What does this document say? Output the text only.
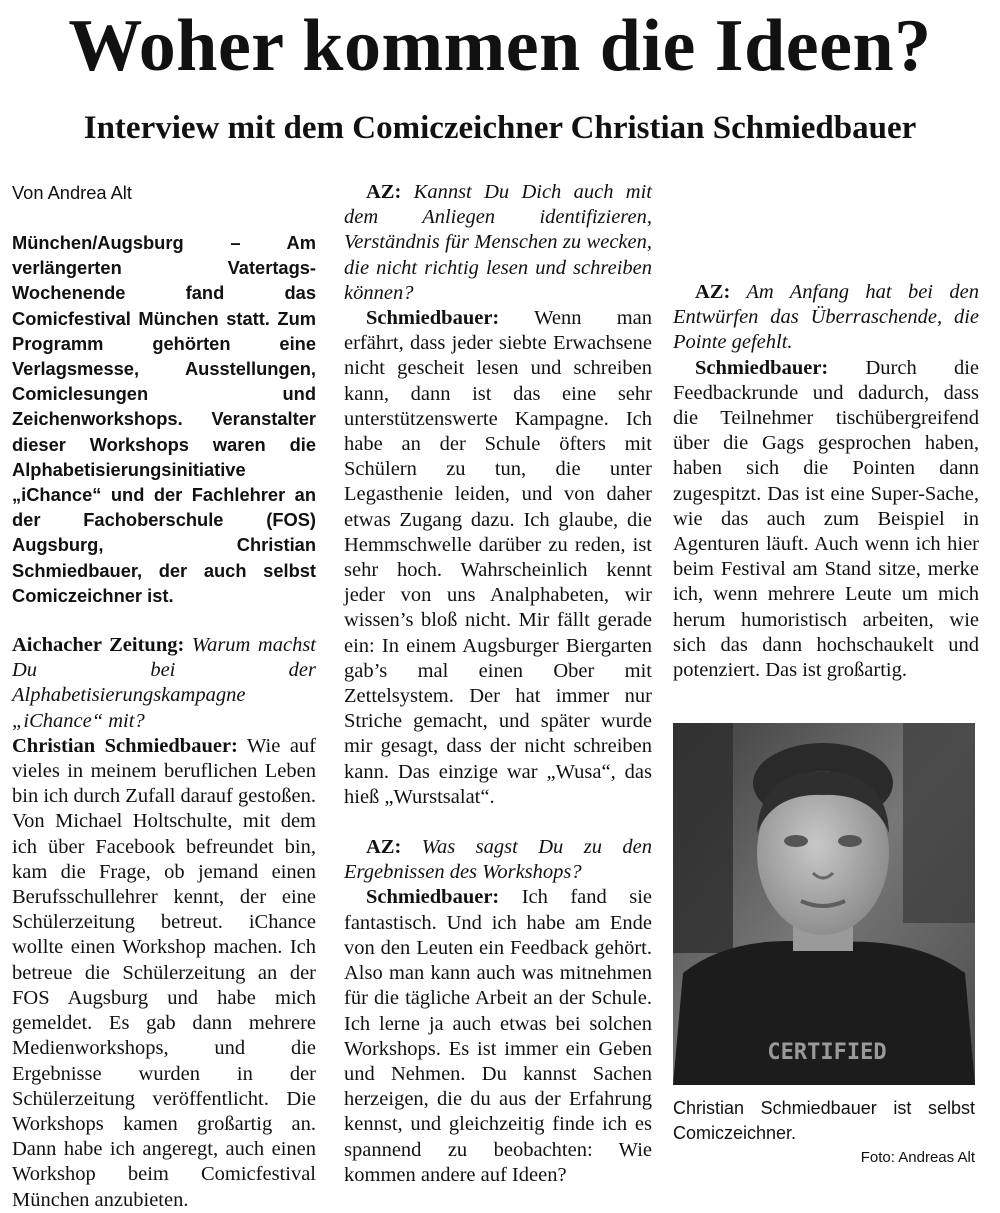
Woher kommen die Ideen?
Interview mit dem Comiczeichner Christian Schmiedbauer
Von Andrea Alt

München/Augsburg – Am verlängerten Vatertags-Wochenende fand das Comicfestival München statt. Zum Programm gehörten eine Verlagsmesse, Ausstellungen, Comiclesungen und Zeichenworkshops. Veranstalter dieser Workshops waren die Alphabetisierungsinitiative „iChance“ und der Fachlehrer an der Fachoberschule (FOS) Augsburg, Christian Schmiedbauer, der auch selbst Comiczeichner ist.

Aichacher Zeitung: Warum machst Du bei der Alphabetisierungskampagne „iChance“ mit?

Christian Schmiedbauer: Wie auf vieles in meinem beruflichen Leben bin ich durch Zufall darauf gestoßen. Von Michael Holtschulte, mit dem ich über Facebook befreundet bin, kam die Frage, ob jemand einen Berufsschullehrer kennt, der eine Schülerzeitung betreut. iChance wollte einen Workshop machen. Ich betreue die Schülerzeitung an der FOS Augsburg und habe mich gemeldet. Es gab dann mehrere Medienworkshops, und die Ergebnisse wurden in der Schülerzeitung veröffentlicht. Die Workshops kamen großartig an. Dann habe ich angeregt, auch einen Workshop beim Comicfestival München anzubieten.

AZ: Kannst Du Dich auch mit dem Anliegen identifizieren, Verständnis für Menschen zu wecken, die nicht richtig lesen und schreiben können?

Schmiedbauer: Wenn man erfährt, dass jeder siebte Erwachsene nicht gescheit lesen und schreiben kann, dann ist das eine sehr unterstützenswerte Kampagne. Ich habe an der Schule öfters mit Schülern zu tun, die unter Legasthenie leiden, und von daher etwas Zugang dazu. Ich glaube, die Hemmschwelle darüber zu reden, ist sehr hoch. Wahrscheinlich kennt jeder von uns Analphabeten, wir wissen’s bloß nicht. Mir fällt gerade ein: In einem Augsburger Biergarten gab’s mal einen Ober mit Zettelsystem. Der hat immer nur Striche gemacht, und später wurde mir gesagt, dass der nicht schreiben kann. Das einzige war „Wusa“, das hieß „Wurstsalat“.

AZ: Was sagst Du zu den Ergebnissen des Workshops?

Schmiedbauer: Ich fand sie fantastisch. Und ich habe am Ende von den Leuten ein Feedback gehört. Also man kann auch was mitnehmen für die tägliche Arbeit an der Schule. Ich lerne ja auch etwas bei solchen Workshops. Es ist immer ein Geben und Nehmen. Du kannst Sachen herzeigen, die du aus der Erfahrung kennst, und gleichzeitig finde ich es spannend zu beobachten: Wie kommen andere auf Ideen?

AZ: Am Anfang hat bei den Entwürfen das Überraschende, die Pointe gefehlt.

Schmiedbauer: Durch die Feedbackrunde und dadurch, dass die Teilnehmer tischübergreifend über die Gags gesprochen haben, haben sich die Pointen dann zugespitzt. Das ist eine Super-Sache, wie das auch zum Beispiel in Agenturen läuft. Auch wenn ich hier beim Festival am Stand sitze, merke ich, wenn mehrere Leute um mich herum humoristisch arbeiten, wie sich das dann hochschaukelt und potenziert. Das ist großartig.

CERTIFIED
Christian Schmiedbauer ist selbst Comiczeichner.
Foto: Andreas Alt
